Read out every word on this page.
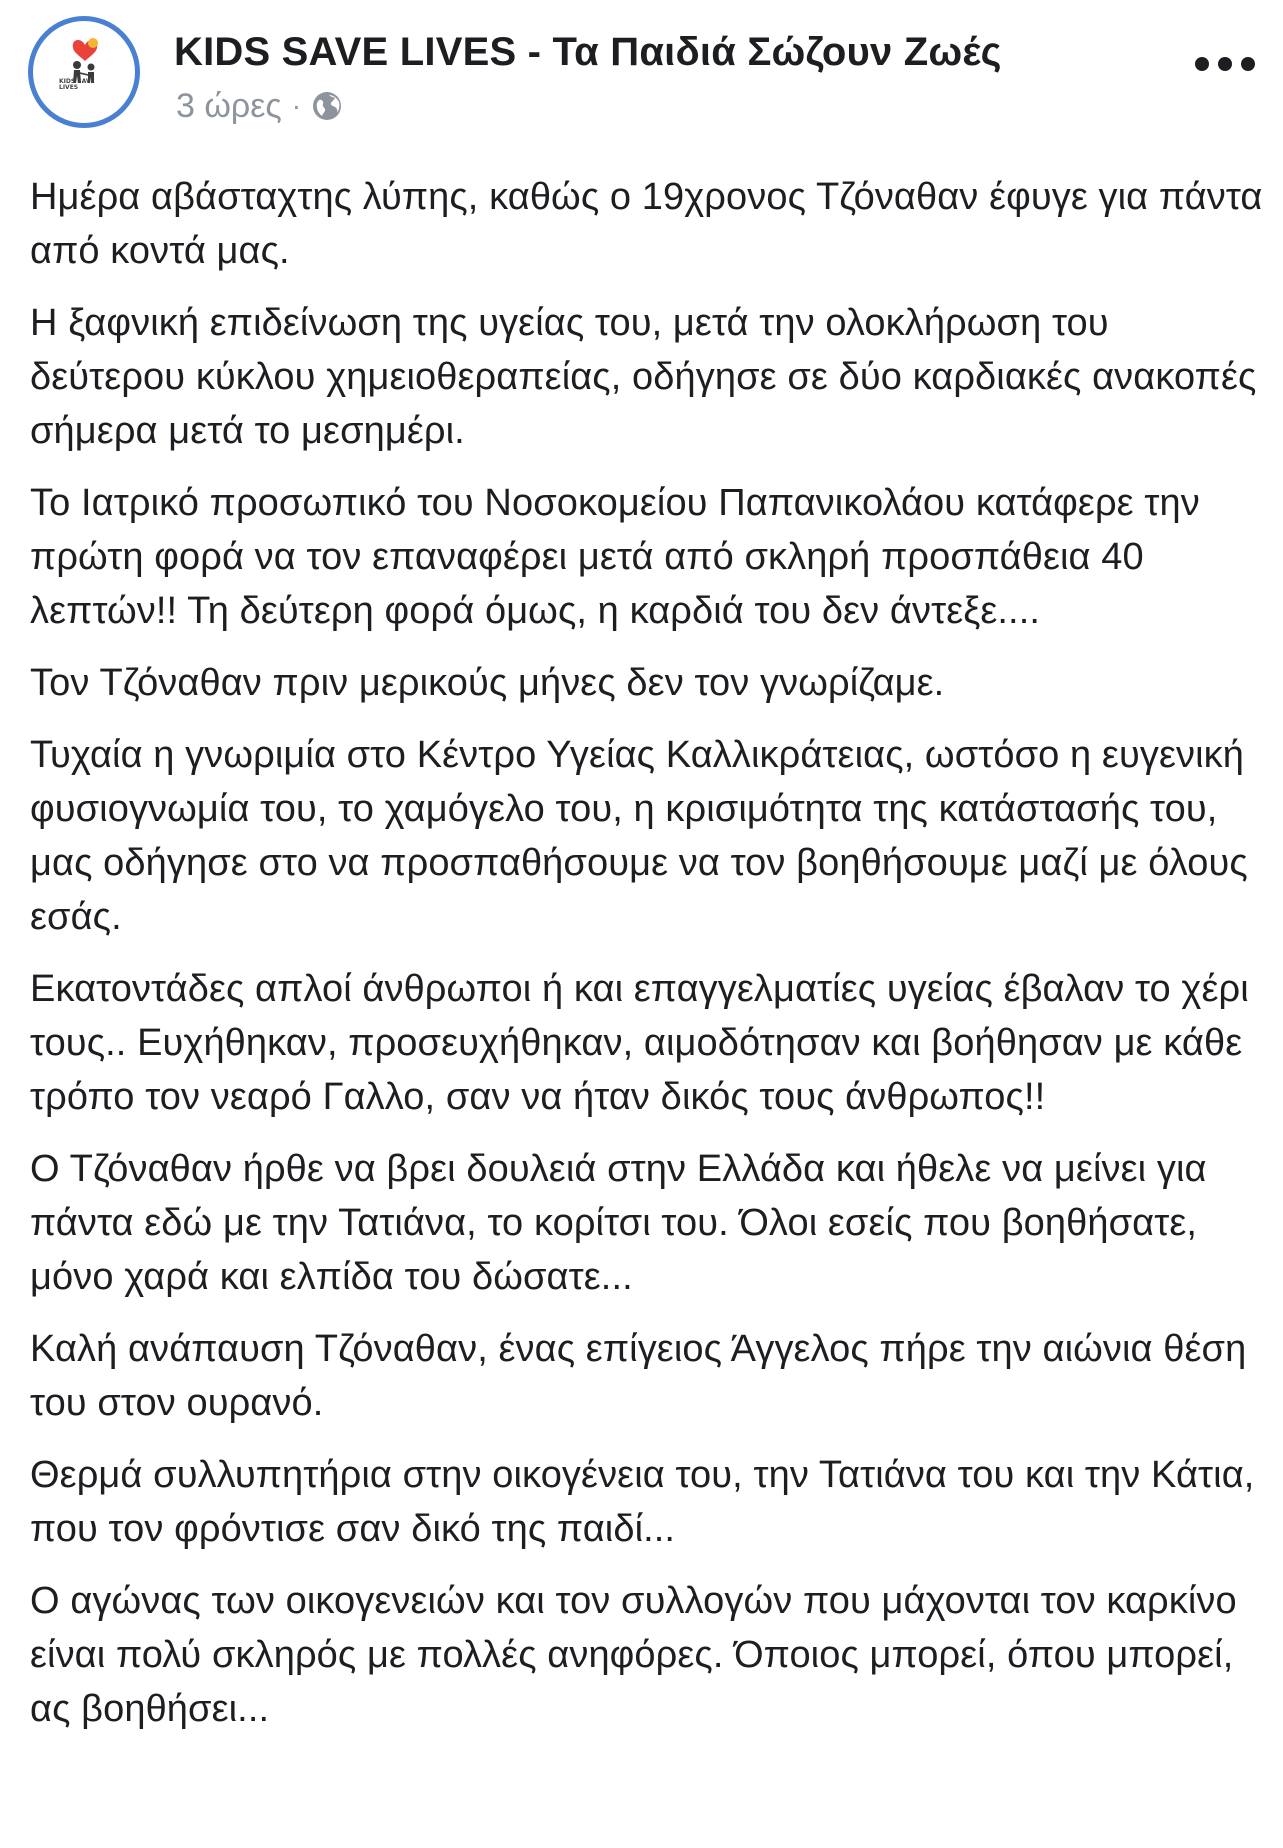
KIDS SAVE LIVES
KIDS SAVE LIVES - Τα Παιδιά Σώζουν Ζωές
3 ώρες ·

Ημέρα αβάσταχτης λύπης, καθώς ο 19χρονος Τζόναθαν έφυγε για πάντα από κοντά μας.

Η ξαφνική επιδείνωση της υγείας του, μετά την ολοκλήρωση του δεύτερου κύκλου χημειοθεραπείας, οδήγησε σε δύο καρδιακές ανακοπές σήμερα μετά το μεσημέρι.

Το Ιατρικό προσωπικό του Νοσοκομείου Παπανικολάου κατάφερε την πρώτη φορά να τον επαναφέρει μετά από σκληρή προσπάθεια 40 λεπτών!! Τη δεύτερη φορά όμως, η καρδιά του δεν άντεξε....

Τον Τζόναθαν πριν μερικούς μήνες δεν τον γνωρίζαμε.

Τυχαία η γνωριμία στο Κέντρο Υγείας Καλλικράτειας, ωστόσο η ευγενική φυσιογνωμία του, το χαμόγελο του, η κρισιμότητα της κατάστασής του, μας οδήγησε στο να προσπαθήσουμε να τον βοηθήσουμε μαζί με όλους εσάς.

Εκατοντάδες απλοί άνθρωποι ή και επαγγελματίες υγείας έβαλαν το χέρι τους.. Ευχήθηκαν, προσευχήθηκαν, αιμοδότησαν και βοήθησαν με κάθε τρόπο τον νεαρό Γαλλο, σαν να ήταν δικός τους άνθρωπος!!

Ο Τζόναθαν ήρθε να βρει δουλειά στην Ελλάδα και ήθελε να μείνει για πάντα εδώ με την Τατιάνα, το κορίτσι του. Όλοι εσείς που βοηθήσατε, μόνο χαρά και ελπίδα του δώσατε...

Καλή ανάπαυση Τζόναθαν, ένας επίγειος Άγγελος πήρε την αιώνια θέση του στον ουρανό.

Θερμά συλλυπητήρια στην οικογένεια του, την Τατιάνα του και την Κάτια, που τον φρόντισε σαν δικό της παιδί...

Ο αγώνας των οικογενειών και τον συλλογών που μάχονται τον καρκίνο είναι πολύ σκληρός με πολλές ανηφόρες. Όποιος μπορεί, όπου μπορεί, ας βοηθήσει...
